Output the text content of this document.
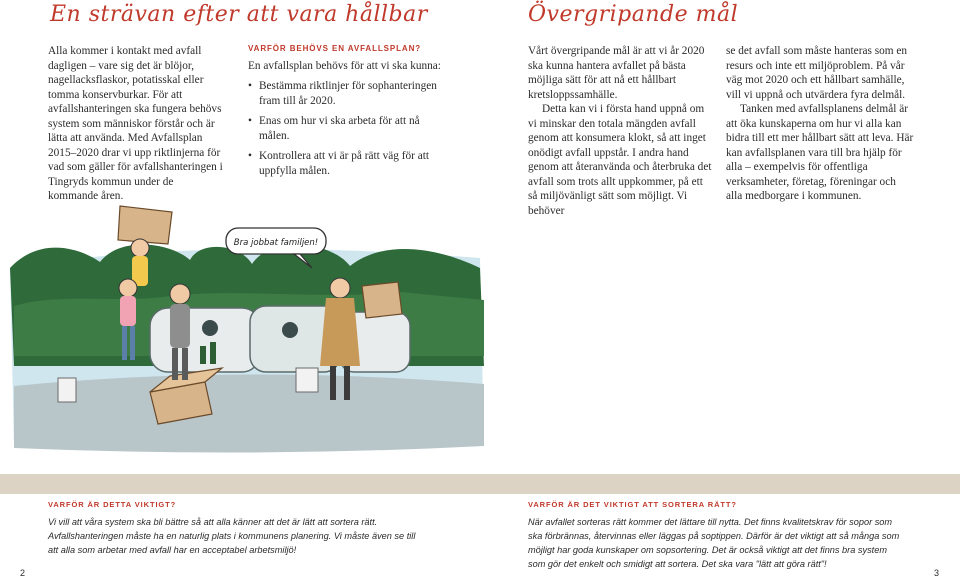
En strävan efter att vara hållbar

Alla kommer i kontakt med avfall dagligen – vare sig det är blöjor, nagellacksflaskor, potatisskal eller tomma konservburkar. För att avfallshanteringen ska fungera behövs system som människor förstår och är lätta att använda. Med Avfallsplan 2015–2020 drar vi upp riktlinjerna för vad som gäller för avfallshanteringen i Tingryds kommun under de kommande åren.

VARFÖR BEHÖVS EN AVFALLSPLAN?

En avfallsplan behövs för att vi ska kunna:

• Bestämma riktlinjer för sophanteringen fram till år 2020.
• Enas om hur vi ska arbeta för att nå målen.
• Kontrollera att vi är på rätt väg för att uppfylla målen.
Bra jobbat familjen!
Övergripande mål

Vårt övergripande mål är att vi år 2020 ska kunna hantera avfallet på bästa möjliga sätt för att nå ett hållbart kretsloppssamhälle.

Detta kan vi i första hand uppnå om vi minskar den totala mängden avfall genom att konsumera klokt, så att inget onödigt avfall uppstår. I andra hand genom att återanvända och återbruka det avfall som trots allt uppkommer, på ett så miljövänligt sätt som möjligt. Vi behöver

se det avfall som måste hanteras som en resurs och inte ett miljöproblem. På vår väg mot 2020 och ett hållbart samhälle, vill vi uppnå och utvärdera fyra delmål.

Tanken med avfallsplanens delmål är att öka kunskaperna om hur vi alla kan bidra till ett mer hållbart sätt att leva. Här kan avfallsplanen vara till bra hjälp för alla – exempelvis för offentliga verksamheter, företag, föreningar och alla medborgare i kommunen.

VARFÖR ÄR DETTA VIKTIGT?
Vi vill att våra system ska bli bättre så att alla känner att det är lätt att sortera rätt. Avfallshanteringen måste ha en naturlig plats i kommunens planering. Vi måste även se till att alla som arbetar med avfall har en acceptabel arbetsmiljö!
VARFÖR ÄR DET VIKTIGT ATT SORTERA RÄTT?
När avfallet sorteras rätt kommer det lättare till nytta. Det finns kvalitetskrav för sopor som ska förbrännas, återvinnas eller läggas på soptippen. Därför är det viktigt att så många som möjligt har goda kunskaper om sopsortering. Det är också viktigt att det finns bra system som gör det enkelt och smidigt att sortera. Det ska vara "lätt att göra rätt"!
2	3
